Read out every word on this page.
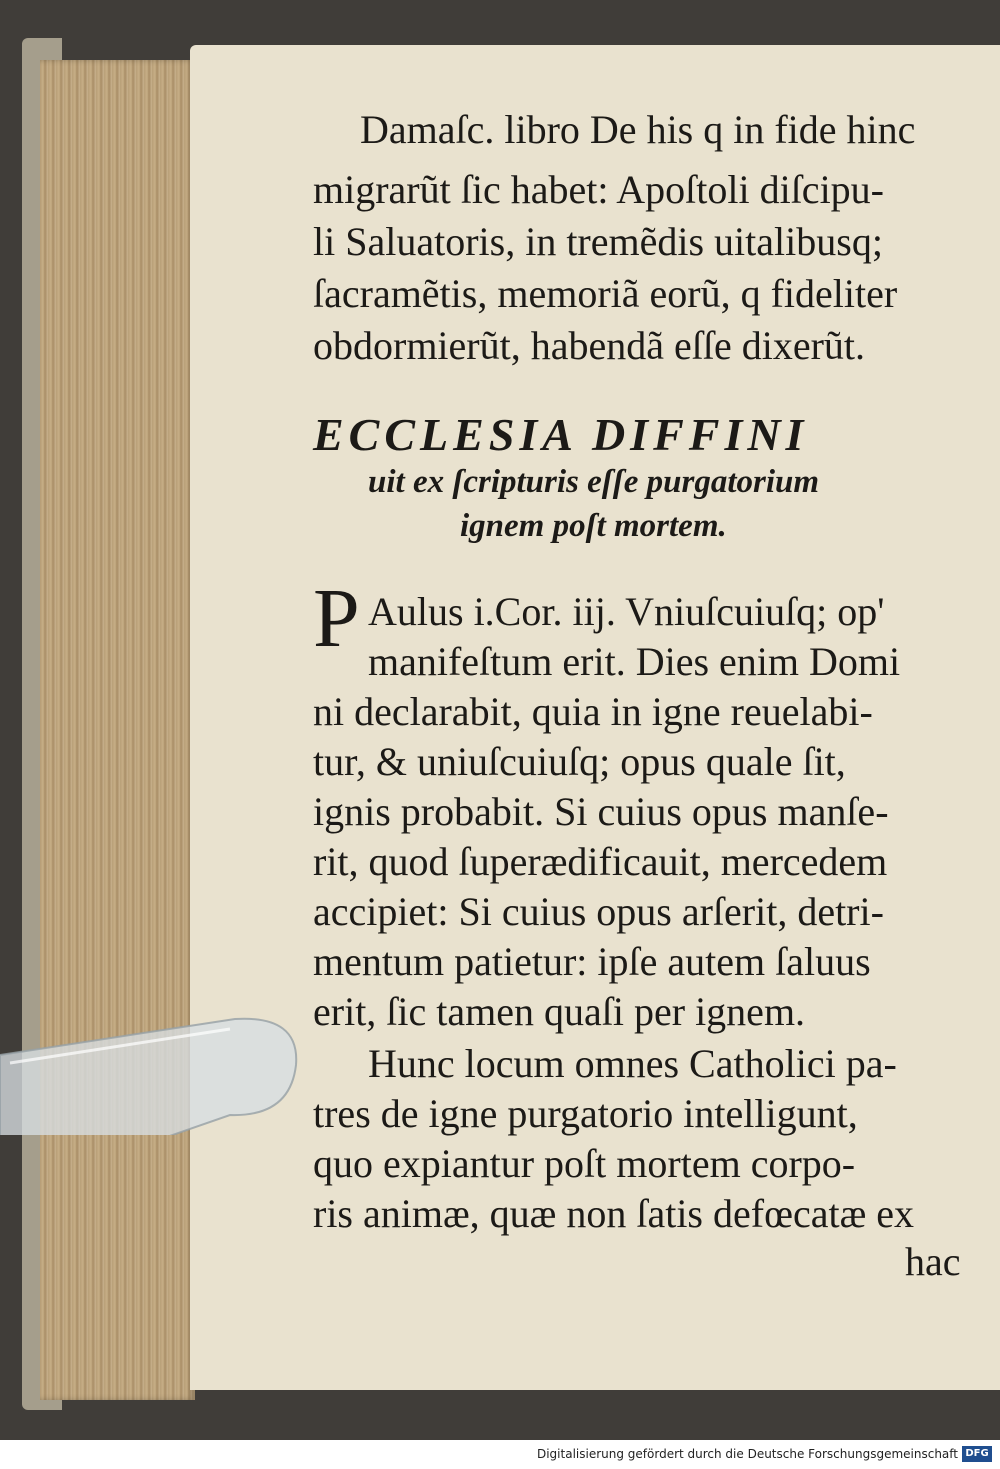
Damaſc. libro De his q in fide hinc
migrarũt ſic habet: Apoſtoli diſcipu-
li Saluatoris, in tremẽdis uitalibusq;
ſacramẽtis, memoriã eorũ, q fideliter
obdormierũt, habendã eſſe dixerũt.
ECCLESIA DIFFINI
uit ex ſcripturis eſſe purgatorium
ignem poſt mortem.
P Aulus i.Cor. iij. Vniuſcuiuſq; op'
manifeſtum erit. Dies enim Domi
ni declarabit, quia in igne reuelabi-
tur, & uniuſcuiuſq; opus quale ſit,
ignis probabit. Si cuius opus manſe-
rit, quod ſuperædificauit, mercedem
accipiet: Si cuius opus arſerit, detri-
mentum patietur: ipſe autem ſaluus
erit, ſic tamen quaſi per ignem.
Hunc locum omnes Catholici pa-
tres de igne purgatorio intelligunt,
quo expiantur poſt mortem corpo-
ris animæ, quæ non ſatis defœcatæ ex
hac
Digitalisierung gefördert durch die Deutsche Forschungsgemeinschaft DFG
